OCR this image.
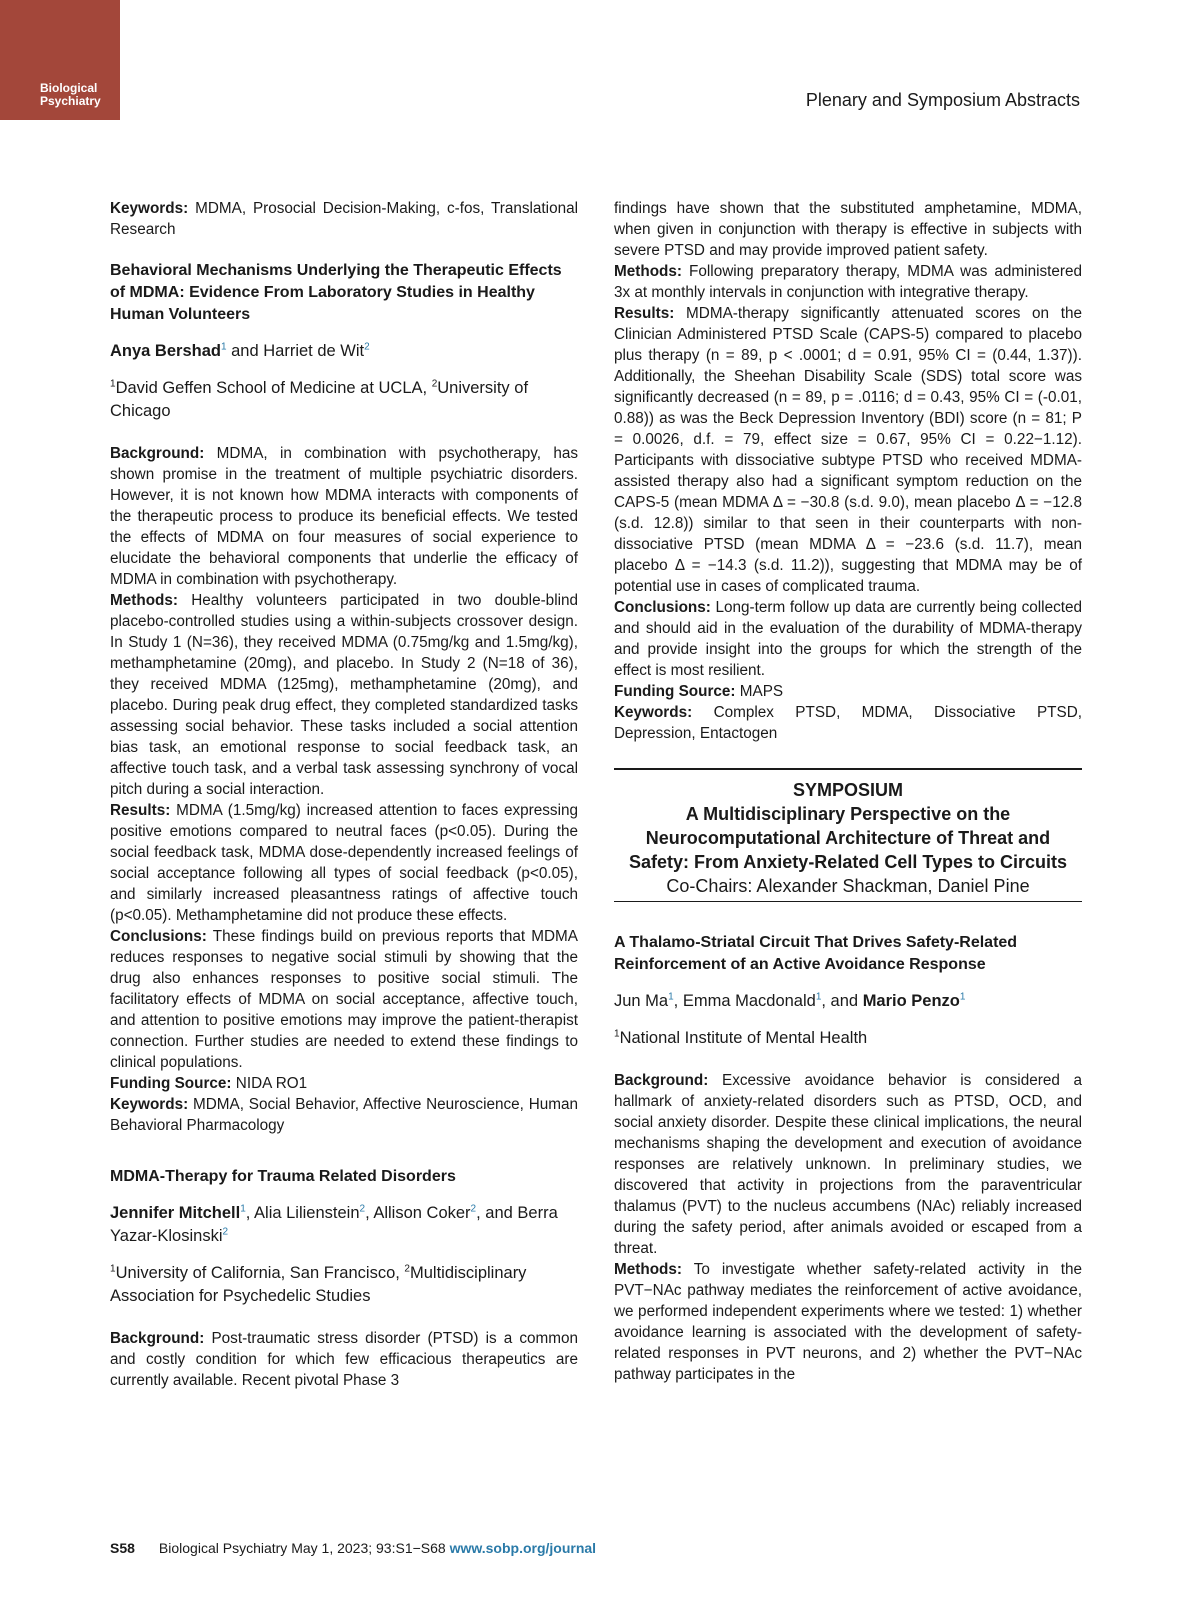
Biological
Psychiatry	Plenary and Symposium Abstracts

Keywords: MDMA, Prosocial Decision-Making, c-fos, Translational Research

Behavioral Mechanisms Underlying the Therapeutic Effects of MDMA: Evidence From Laboratory Studies in Healthy Human Volunteers

Anya Bershad$^1$ and Harriet de Wit$^2$

$^1$David Geffen School of Medicine at UCLA, $^2$University of Chicago

Background: MDMA, in combination with psychotherapy, has shown promise in the treatment of multiple psychiatric disorders. However, it is not known how MDMA interacts with components of the therapeutic process to produce its beneficial effects. We tested the effects of MDMA on four measures of social experience to elucidate the behavioral components that underlie the efficacy of MDMA in combination with psychotherapy.

Methods: Healthy volunteers participated in two double-blind placebo-controlled studies using a within-subjects crossover design. In Study 1 (N=36), they received MDMA (0.75mg/kg and 1.5mg/kg), methamphetamine (20mg), and placebo. In Study 2 (N=18 of 36), they received MDMA (125mg), methamphetamine (20mg), and placebo. During peak drug effect, they completed standardized tasks assessing social behavior. These tasks included a social attention bias task, an emotional response to social feedback task, an affective touch task, and a verbal task assessing synchrony of vocal pitch during a social interaction.

Results: MDMA (1.5mg/kg) increased attention to faces expressing positive emotions compared to neutral faces (p<0.05). During the social feedback task, MDMA dose-dependently increased feelings of social acceptance following all types of social feedback (p<0.05), and similarly increased pleasantness ratings of affective touch (p<0.05). Methamphetamine did not produce these effects.

Conclusions: These findings build on previous reports that MDMA reduces responses to negative social stimuli by showing that the drug also enhances responses to positive social stimuli. The facilitatory effects of MDMA on social acceptance, affective touch, and attention to positive emotions may improve the patient-therapist connection. Further studies are needed to extend these findings to clinical populations.

Funding Source: NIDA RO1

Keywords: MDMA, Social Behavior, Affective Neuroscience, Human Behavioral Pharmacology

MDMA-Therapy for Trauma Related Disorders

Jennifer Mitchell$^1$, Alia Lilienstein$^2$, Allison Coker$^2$, and Berra Yazar-Klosinski$^2$

$^1$University of California, San Francisco, $^2$Multidisciplinary Association for Psychedelic Studies

Background: Post-traumatic stress disorder (PTSD) is a common and costly condition for which few efficacious therapeutics are currently available. Recent pivotal Phase 3

findings have shown that the substituted amphetamine, MDMA, when given in conjunction with therapy is effective in subjects with severe PTSD and may provide improved patient safety.

Methods: Following preparatory therapy, MDMA was administered 3x at monthly intervals in conjunction with integrative therapy.

Results: MDMA-therapy significantly attenuated scores on the Clinician Administered PTSD Scale (CAPS-5) compared to placebo plus therapy (n = 89, p < .0001; d = 0.91, 95% CI = (0.44, 1.37)). Additionally, the Sheehan Disability Scale (SDS) total score was significantly decreased (n = 89, p = .0116; d = 0.43, 95% CI = (-0.01, 0.88)) as was the Beck Depression Inventory (BDI) score (n = 81; P = 0.0026, d.f. = 79, effect size = 0.67, 95% CI = 0.22−1.12). Participants with dissociative subtype PTSD who received MDMA-assisted therapy also had a significant symptom reduction on the CAPS-5 (mean MDMA Δ = −30.8 (s.d. 9.0), mean placebo Δ = −12.8 (s.d. 12.8)) similar to that seen in their counterparts with non-dissociative PTSD (mean MDMA Δ = −23.6 (s.d. 11.7), mean placebo Δ = −14.3 (s.d. 11.2)), suggesting that MDMA may be of potential use in cases of complicated trauma.

Conclusions: Long-term follow up data are currently being collected and should aid in the evaluation of the durability of MDMA-therapy and provide insight into the groups for which the strength of the effect is most resilient.

Funding Source: MAPS

Keywords: Complex PTSD, MDMA, Dissociative PTSD, Depression, Entactogen

SYMPOSIUM
A Multidisciplinary Perspective on the Neurocomputational Architecture of Threat and Safety: From Anxiety-Related Cell Types to Circuits
Co-Chairs: Alexander Shackman, Daniel Pine

A Thalamo-Striatal Circuit That Drives Safety-Related Reinforcement of an Active Avoidance Response

Jun Ma$^1$, Emma Macdonald$^1$, and Mario Penzo$^1$

$^1$National Institute of Mental Health

Background: Excessive avoidance behavior is considered a hallmark of anxiety-related disorders such as PTSD, OCD, and social anxiety disorder. Despite these clinical implications, the neural mechanisms shaping the development and execution of avoidance responses are relatively unknown. In preliminary studies, we discovered that activity in projections from the paraventricular thalamus (PVT) to the nucleus accumbens (NAc) reliably increased during the safety period, after animals avoided or escaped from a threat.

Methods: To investigate whether safety-related activity in the PVT−NAc pathway mediates the reinforcement of active avoidance, we performed independent experiments where we tested: 1) whether avoidance learning is associated with the development of safety-related responses in PVT neurons, and 2) whether the PVT−NAc pathway participates in the

S58 Biological Psychiatry May 1, 2023; 93:S1−S68 www.sobp.org/journal
